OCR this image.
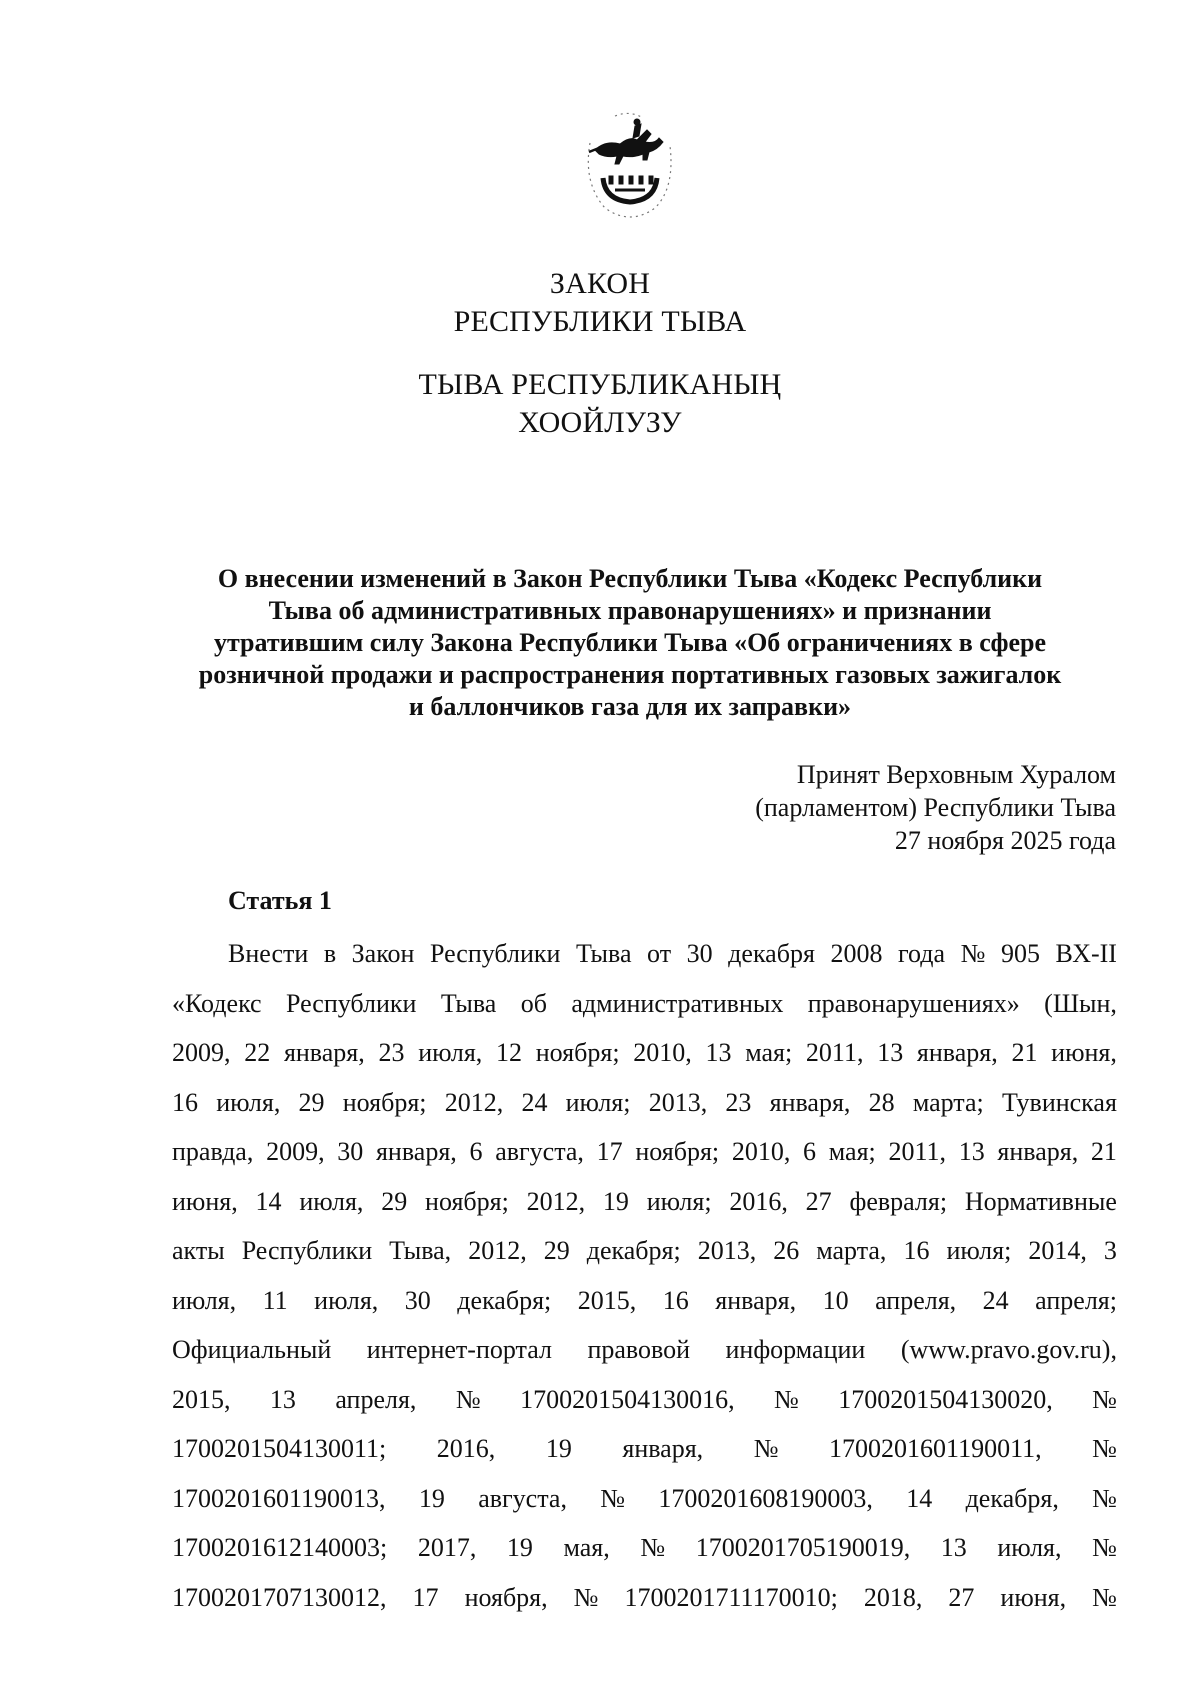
ЗАКОН
РЕСПУБЛИКИ ТЫВА
ТЫВА РЕСПУБЛИКАНЫҢ
ХООЙЛУЗУ
О внесении изменений в Закон Республики Тыва «Кодекс Республики
Тыва об административных правонарушениях» и признании
утратившим силу Закона Республики Тыва «Об ограничениях в сфере
розничной продажи и распространения портативных газовых зажигалок
и баллончиков газа для их заправки»
Принят Верховным Хуралом
(парламентом) Республики Тыва
27 ноября 2025 года
Статья 1
Внести в Закон Республики Тыва от 30 декабря 2008 года № 905 ВХ-II
«Кодекс Республики Тыва об административных правонарушениях» (Шын,
2009, 22 января, 23 июля, 12 ноября; 2010, 13 мая; 2011, 13 января, 21 июня,
16 июля, 29 ноября; 2012, 24 июля; 2013, 23 января, 28 марта; Тувинская
правда, 2009, 30 января, 6 августа, 17 ноября; 2010, 6 мая; 2011, 13 января, 21
июня, 14 июля, 29 ноября; 2012, 19 июля; 2016, 27 февраля; Нормативные
акты Республики Тыва, 2012, 29 декабря; 2013, 26 марта, 16 июля; 2014, 3
июля, 11 июля, 30 декабря; 2015, 16 января, 10 апреля, 24 апреля;
Официальный интернет-портал правовой информации (www.pravo.gov.ru),
2015, 13 апреля, № 1700201504130016, № 1700201504130020, №
1700201504130011; 2016, 19 января, № 1700201601190011, №
1700201601190013, 19 августа, № 1700201608190003, 14 декабря, №
1700201612140003; 2017, 19 мая, № 1700201705190019, 13 июля, №
1700201707130012, 17 ноября, № 1700201711170010; 2018, 27 июня, №
